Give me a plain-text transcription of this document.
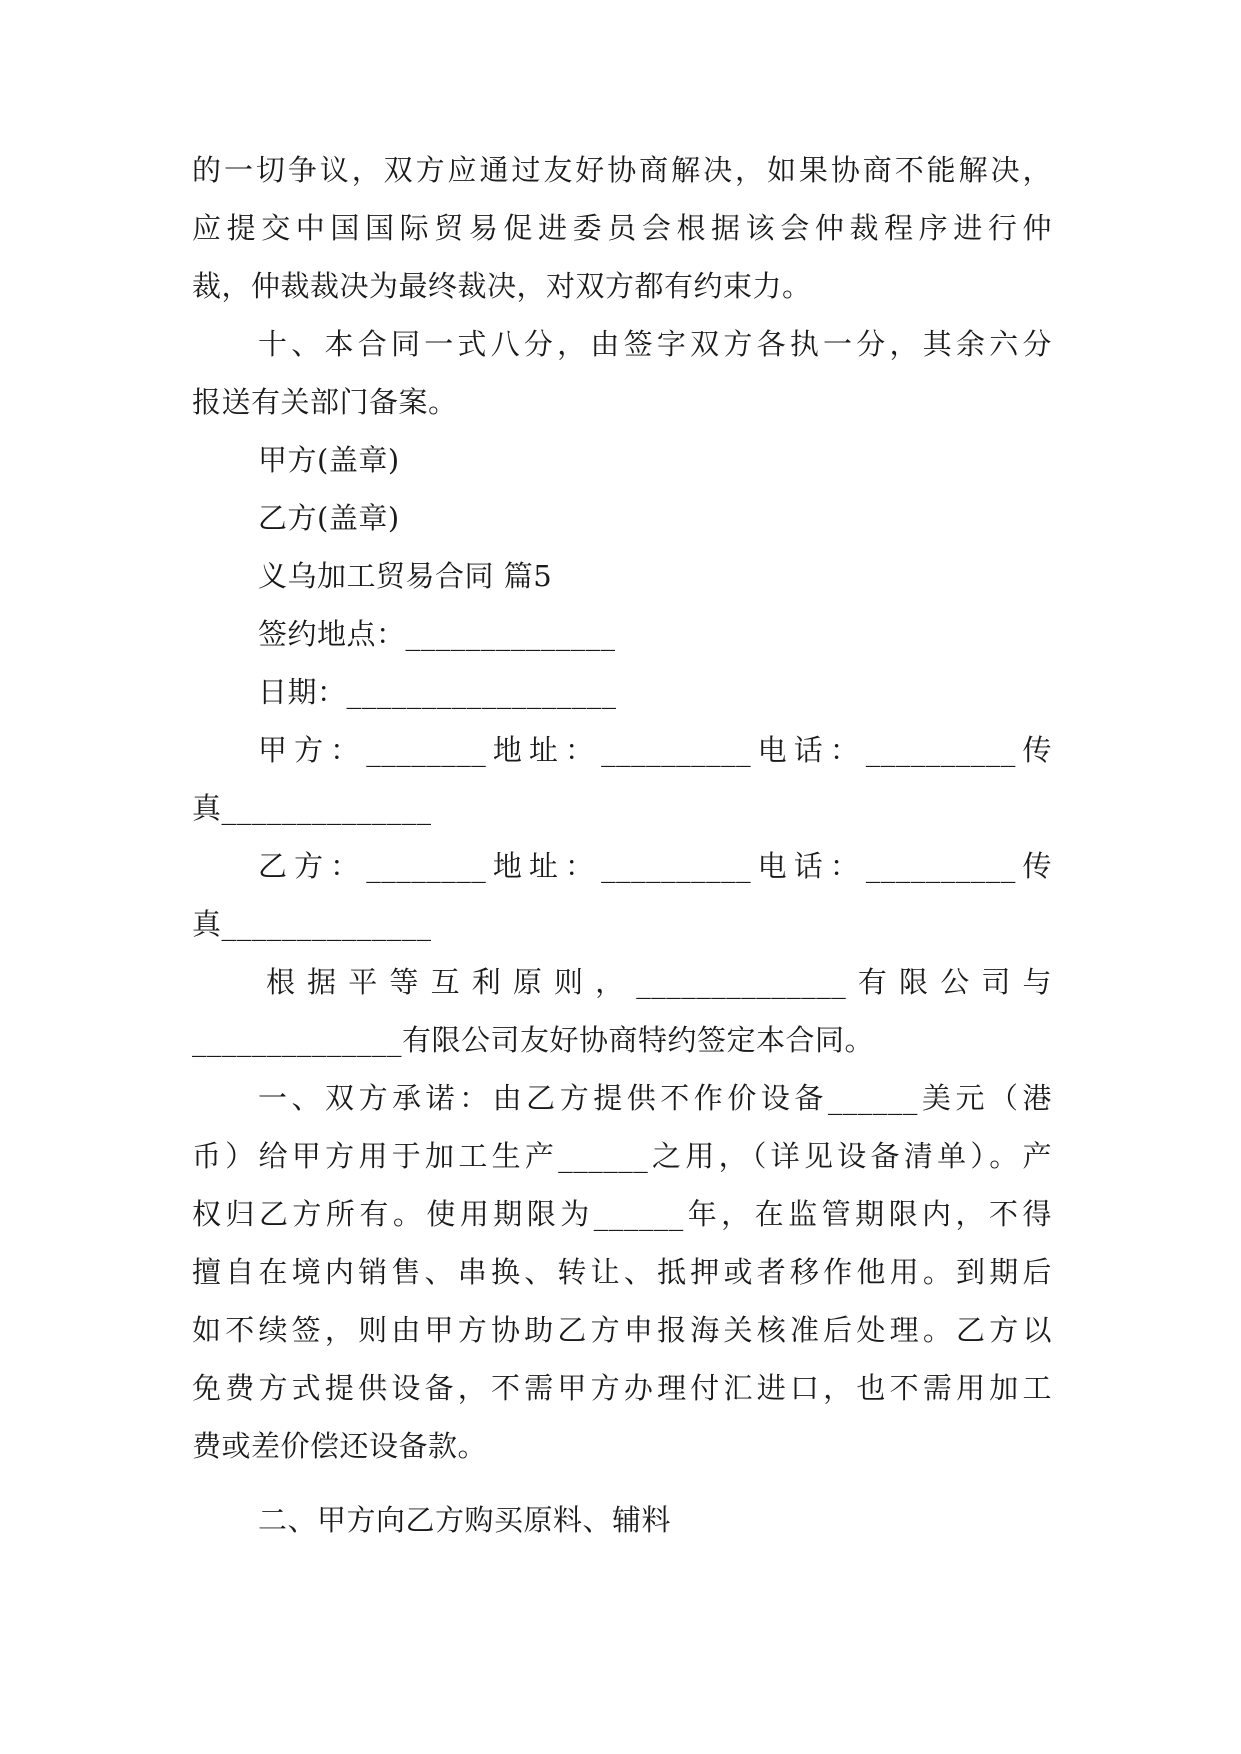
的一切争议，双方应通过友好协商解决，如果协商不能解决，
应提交中国国际贸易促进委员会根据该会仲裁程序进行仲
裁，仲裁裁决为最终裁决，对双方都有约束力。
十、本合同一式八分，由签字双方各执一分，其余六分
报送有关部门备案。
甲方(盖章)
乙方(盖章)
义乌加工贸易合同 篇5
签约地点：______________
日期：__________________
甲方：________地址：__________电话：__________传
真______________
乙方：________地址：__________电话：__________传
真______________
根据平等互利原则，______________有限公司与
______________有限公司友好协商特约签定本合同。
一、双方承诺：由乙方提供不作价设备______美元（港
币）给甲方用于加工生产______之用，（详见设备清单）。产
权归乙方所有。使用期限为______年，在监管期限内，不得
擅自在境内销售、串换、转让、抵押或者移作他用。到期后
如不续签，则由甲方协助乙方申报海关核准后处理。乙方以
免费方式提供设备，不需甲方办理付汇进口，也不需用加工
费或差价偿还设备款。
二、甲方向乙方购买原料、辅料
